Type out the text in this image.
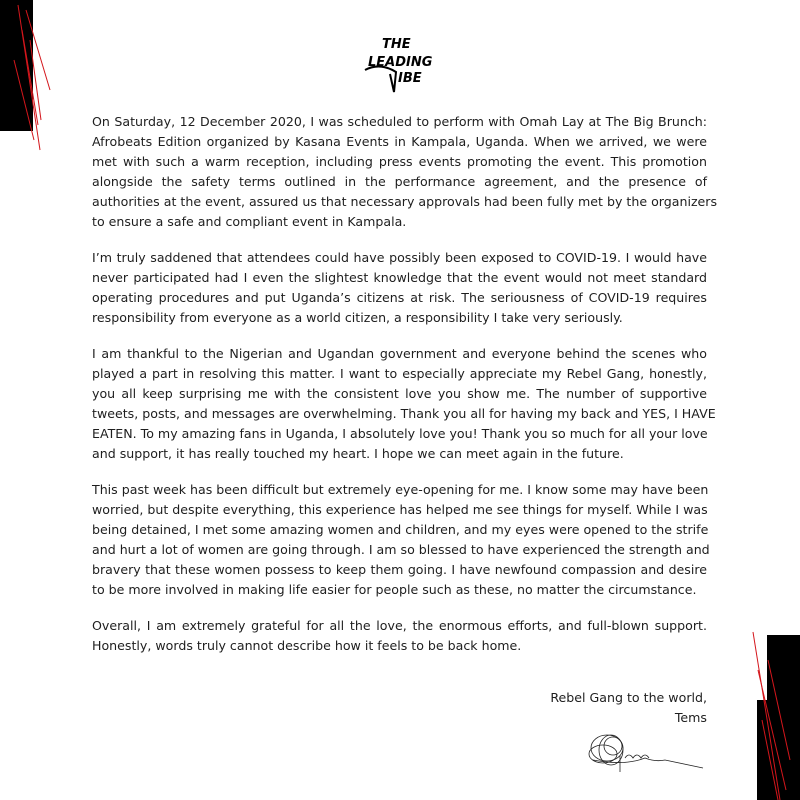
THE
LEADING
IBE
On Saturday, 12 December 2020, I was scheduled to perform with Omah Lay at The Big Brunch:
Afrobeats Edition organized by Kasana Events in Kampala, Uganda. When we arrived, we were
met with such a warm reception, including press events promoting the event. This promotion
alongside the safety terms outlined in the performance agreement, and the presence of
authorities at the event, assured us that necessary approvals had been fully met by the organizers
to ensure a safe and compliant event in Kampala.
I’m truly saddened that attendees could have possibly been exposed to COVID-19. I would have
never participated had I even the slightest knowledge that the event would not meet standard
operating procedures and put Uganda’s citizens at risk. The seriousness of COVID-19 requires
responsibility from everyone as a world citizen, a responsibility I take very seriously.
I am thankful to the Nigerian and Ugandan government and everyone behind the scenes who
played a part in resolving this matter. I want to especially appreciate my Rebel Gang, honestly,
you all keep surprising me with the consistent love you show me. The number of supportive
tweets, posts, and messages are overwhelming. Thank you all for having my back and YES, I HAVE
EATEN. To my amazing fans in Uganda, I absolutely love you! Thank you so much for all your love
and support, it has really touched my heart. I hope we can meet again in the future.
This past week has been difficult but extremely eye-opening for me. I know some may have been
worried, but despite everything, this experience has helped me see things for myself. While I was
being detained, I met some amazing women and children, and my eyes were opened to the strife
and hurt a lot of women are going through. I am so blessed to have experienced the strength and
bravery that these women possess to keep them going. I have newfound compassion and desire
to be more involved in making life easier for people such as these, no matter the circumstance.
Overall, I am extremely grateful for all the love, the enormous efforts, and full-blown support.
Honestly, words truly cannot describe how it feels to be back home.
Rebel Gang to the world,
Tems
